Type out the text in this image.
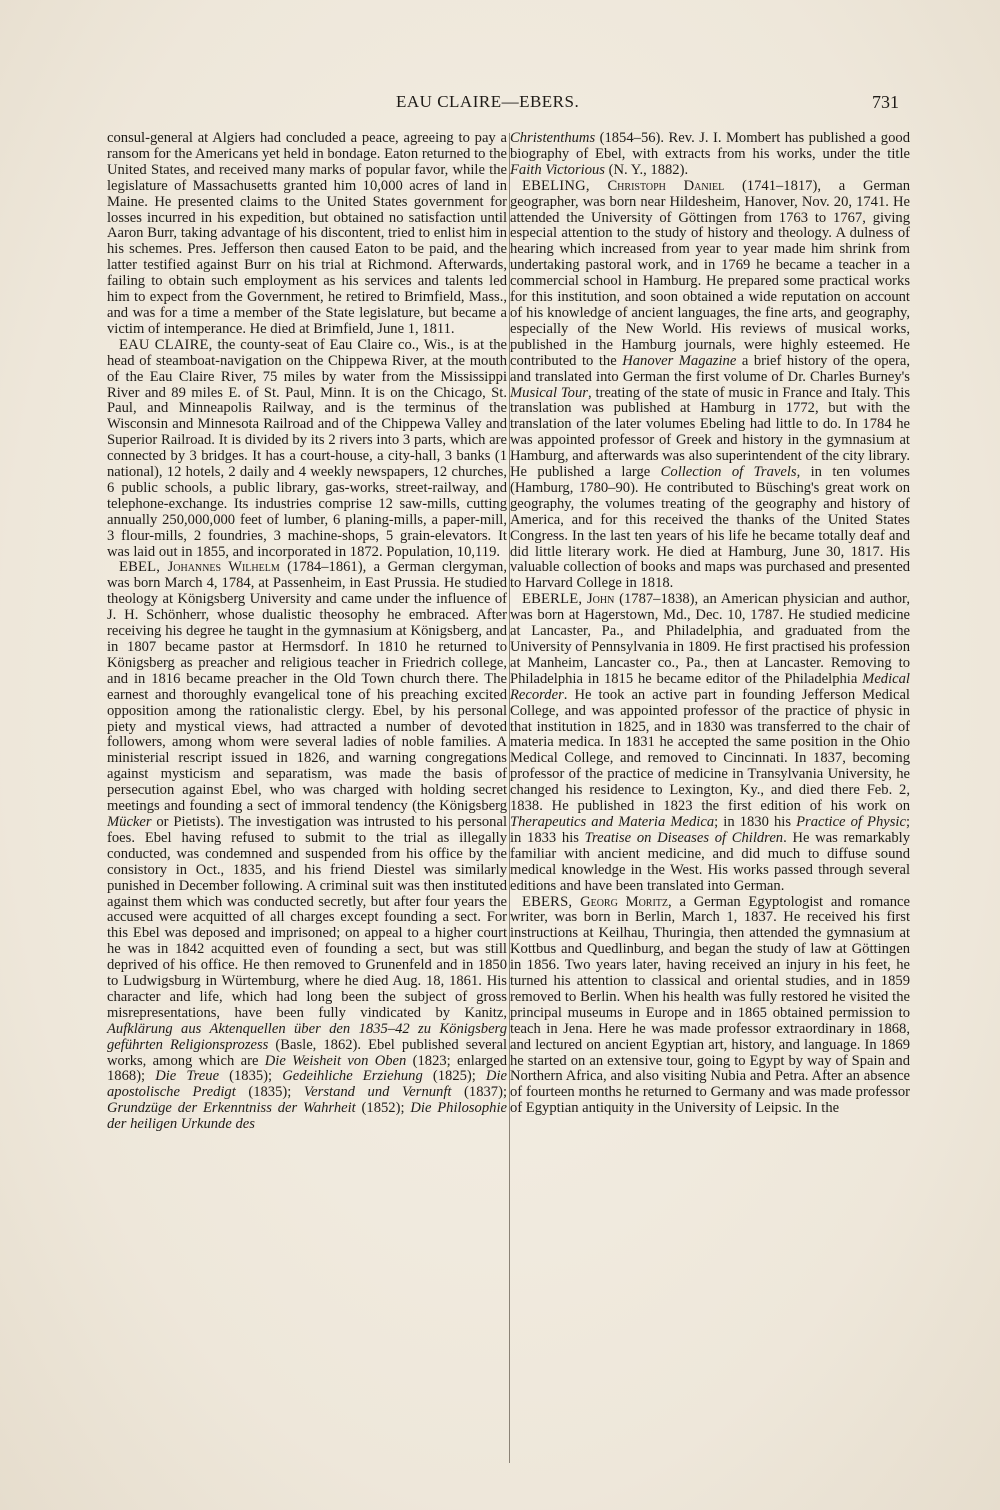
EAU CLAIRE—EBERS.	731

consul-general at Algiers had concluded a peace, agreeing to pay a ransom for the Americans yet held in bondage. Eaton returned to the United States, and received many marks of popular favor, while the legislature of Massachusetts granted him 10,000 acres of land in Maine. He presented claims to the United States government for losses incurred in his expedition, but obtained no satisfaction until Aaron Burr, taking advantage of his discontent, tried to enlist him in his schemes. Pres. Jefferson then caused Eaton to be paid, and the latter testified against Burr on his trial at Richmond. Afterwards, failing to obtain such employment as his services and talents led him to expect from the Government, he retired to Brimfield, Mass., and was for a time a member of the State legislature, but became a victim of intemperance. He died at Brimfield, June 1, 1811.

EAU CLAIRE, the county-seat of Eau Claire co., Wis., is at the head of steamboat-navigation on the Chippewa River, at the mouth of the Eau Claire River, 75 miles by water from the Mississippi River and 89 miles E. of St. Paul, Minn. It is on the Chicago, St. Paul, and Minneapolis Railway, and is the terminus of the Wisconsin and Minnesota Railroad and of the Chippewa Valley and Superior Railroad. It is divided by its 2 rivers into 3 parts, which are connected by 3 bridges. It has a court-house, a city-hall, 3 banks (1 national), 12 hotels, 2 daily and 4 weekly newspapers, 12 churches, 6 public schools, a public library, gas-works, street-railway, and telephone-exchange. Its industries comprise 12 saw-mills, cutting annually 250,000,000 feet of lumber, 6 planing-mills, a paper-mill, 3 flour-mills, 2 foundries, 3 machine-shops, 5 grain-elevators. It was laid out in 1855, and incorporated in 1872. Population, 10,119.

EBEL, Johannes Wilhelm (1784–1861), a German clergyman, was born March 4, 1784, at Passenheim, in East Prussia. He studied theology at Königsberg University and came under the influence of J. H. Schönherr, whose dualistic theosophy he embraced. After receiving his degree he taught in the gymnasium at Königsberg, and in 1807 became pastor at Hermsdorf. In 1810 he returned to Königsberg as preacher and religious teacher in Friedrich college, and in 1816 became preacher in the Old Town church there. The earnest and thoroughly evangelical tone of his preaching excited opposition among the rationalistic clergy. Ebel, by his personal piety and mystical views, had attracted a number of devoted followers, among whom were several ladies of noble families. A ministerial rescript issued in 1826, and warning congregations against mysticism and separatism, was made the basis of persecution against Ebel, who was charged with holding secret meetings and founding a sect of immoral tendency (the Königsberg Mücker or Pietists). The investigation was intrusted to his personal foes. Ebel having refused to submit to the trial as illegally conducted, was condemned and suspended from his office by the consistory in Oct., 1835, and his friend Diestel was similarly punished in December following. A criminal suit was then instituted against them which was conducted secretly, but after four years the accused were acquitted of all charges except founding a sect. For this Ebel was deposed and imprisoned; on appeal to a higher court he was in 1842 acquitted even of founding a sect, but was still deprived of his office. He then removed to Grunenfeld and in 1850 to Ludwigsburg in Würtemburg, where he died Aug. 18, 1861. His character and life, which had long been the subject of gross misrepresentations, have been fully vindicated by Kanitz, Aufklärung aus Aktenquellen über den 1835–42 zu Königsberg geführten Religionsprozess (Basle, 1862). Ebel published several works, among which are Die Weisheit von Oben (1823; enlarged 1868); Die Treue (1835); Gedeihliche Erziehung (1825); Die apostolische Predigt (1835); Verstand und Vernunft (1837); Grundzüge der Erkenntniss der Wahrheit (1852); Die Philosophie der heiligen Urkunde des

Christenthums (1854–56). Rev. J. I. Mombert has published a good biography of Ebel, with extracts from his works, under the title Faith Victorious (N. Y., 1882).

EBELING, Christoph Daniel (1741–1817), a German geographer, was born near Hildesheim, Hanover, Nov. 20, 1741. He attended the University of Göttingen from 1763 to 1767, giving especial attention to the study of history and theology. A dulness of hearing which increased from year to year made him shrink from undertaking pastoral work, and in 1769 he became a teacher in a commercial school in Hamburg. He prepared some practical works for this institution, and soon obtained a wide reputation on account of his knowledge of ancient languages, the fine arts, and geography, especially of the New World. His reviews of musical works, published in the Hamburg journals, were highly esteemed. He contributed to the Hanover Magazine a brief history of the opera, and translated into German the first volume of Dr. Charles Burney's Musical Tour, treating of the state of music in France and Italy. This translation was published at Hamburg in 1772, but with the translation of the later volumes Ebeling had little to do. In 1784 he was appointed professor of Greek and history in the gymnasium at Hamburg, and afterwards was also superintendent of the city library. He published a large Collection of Travels, in ten volumes (Hamburg, 1780–90). He contributed to Büsching's great work on geography, the volumes treating of the geography and history of America, and for this received the thanks of the United States Congress. In the last ten years of his life he became totally deaf and did little literary work. He died at Hamburg, June 30, 1817. His valuable collection of books and maps was purchased and presented to Harvard College in 1818.

EBERLE, John (1787–1838), an American physician and author, was born at Hagerstown, Md., Dec. 10, 1787. He studied medicine at Lancaster, Pa., and Philadelphia, and graduated from the University of Pennsylvania in 1809. He first practised his profession at Manheim, Lancaster co., Pa., then at Lancaster. Removing to Philadelphia in 1815 he became editor of the Philadelphia Medical Recorder. He took an active part in founding Jefferson Medical College, and was appointed professor of the practice of physic in that institution in 1825, and in 1830 was transferred to the chair of materia medica. In 1831 he accepted the same position in the Ohio Medical College, and removed to Cincinnati. In 1837, becoming professor of the practice of medicine in Transylvania University, he changed his residence to Lexington, Ky., and died there Feb. 2, 1838. He published in 1823 the first edition of his work on Therapeutics and Materia Medica; in 1830 his Practice of Physic; in 1833 his Treatise on Diseases of Children. He was remarkably familiar with ancient medicine, and did much to diffuse sound medical knowledge in the West. His works passed through several editions and have been translated into German.

EBERS, Georg Moritz, a German Egyptologist and romance writer, was born in Berlin, March 1, 1837. He received his first instructions at Keilhau, Thuringia, then attended the gymnasium at Kottbus and Quedlinburg, and began the study of law at Göttingen in 1856. Two years later, having received an injury in his feet, he turned his attention to classical and oriental studies, and in 1859 removed to Berlin. When his health was fully restored he visited the principal museums in Europe and in 1865 obtained permission to teach in Jena. Here he was made professor extraordinary in 1868, and lectured on ancient Egyptian art, history, and language. In 1869 he started on an extensive tour, going to Egypt by way of Spain and Northern Africa, and also visiting Nubia and Petra. After an absence of fourteen months he returned to Germany and was made professor of Egyptian antiquity in the University of Leipsic. In the
